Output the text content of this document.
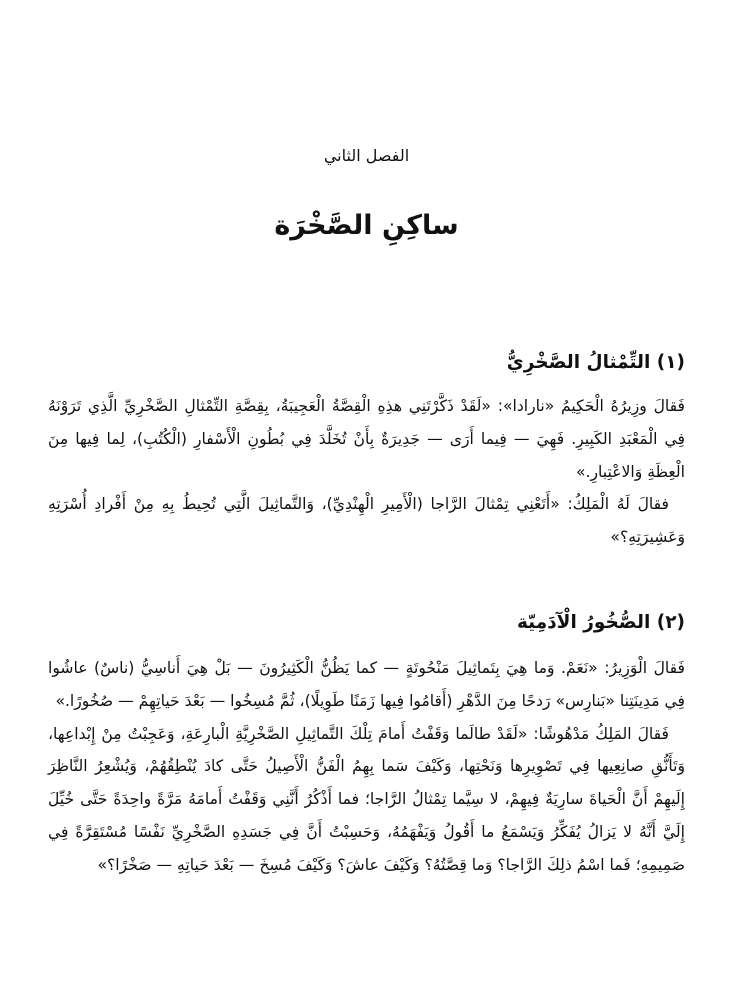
الفصل الثاني
ساكِنِ الصَّخْرَة
(١) التِّمْثالُ الصَّخْرِيُّ

فَقالَ وزِيرُهُ الْحَكِيمُ «نارادا»: «لَقَدْ ذَكَّرْتَنِي هذِهِ الْقِصَّةُ الْعَجِيبَةُ، بِقِصَّةِ التِّمْثالِ الصَّخْرِيِّ الَّذِي تَرَوْنَهُ فِي الْمَعْبَدِ الكَبِيرِ. فَهِيَ — فِيما أَرَى — جَدِيرَةٌ بِأَنْ تُخَلَّدَ فِي بُطُونِ الْأَسْفارِ (الْكُتُبِ)، لِما فِيها مِنَ الْعِظَةِ وَالاعْتِبارِ.»

فقالَ لَهُ الْمَلِكُ: «أَتَعْنِي تِمْثالَ الرَّاجا (الْأَمِيرِ الْهِنْدِيِّ)، وَالتَّماثِيلَ الَّتِي تُحِيطُ بِهِ مِنْ أَفْرادِ أُسْرَتِهِ وَعَشِيرَتِهِ؟»

(٢) الصُّخُورُ الْآدَمِيّة

فَقالَ الْوَزِيرُ: «نَعَمْ. وَما هِيَ بِتَماثِيلَ مَنْحُوتَةٍ — كما يَظُنُّ الْكَثِيرُونَ — بَلْ هِيَ أَناسِيُّ (ناسٌ) عاشُوا فِي مَدِينَتِنا «بَنارِس» رَدحًا مِنَ الدَّهْرِ (أَقامُوا فِيها زَمَنًا طَوِيلًا)، ثُمَّ مُسِخُوا — بَعْدَ حَياتِهِمْ — صُخُورًا.»

فَقالَ المَلِكُ مَدْهُوشًا: «لَقَدْ طالَما وَقَفْتُ أَمامَ تِلْكَ التَّماثِيلِ الصَّخْرِيَّةِ الْبارِعَةِ، وَعَجِبْتُ مِنْ إِبْداعِها، وَتَأَنُّقِ صانِعِيها فِي تَصْوِيرِها وَنَحْتِها، وَكَيْفَ سَما بِهِمُ الْفَنُّ الْأَصِيلُ حَتَّى كادَ يُنْطِقُهُمْ، وَيُشْعِرُ النَّاظِرَ إِلَيهِمْ أَنَّ الْحَياةَ سارِيَةٌ فِيهِمْ، لا سِيَّما تِمْثالُ الرَّاجا؛ فما أَذْكُرُ أَنَّنِي وَقَفْتُ أَمامَهُ مَرَّةً واحِدَةً حَتَّى خُيِّلَ إِلَيَّ أَنَّهُ لا يَزالُ يُفَكِّرُ وَيَسْمَعُ ما أَقُولُ وَيَفْهَمُهُ، وَحَسِبْتُ أَنَّ فِي جَسَدِهِ الصَّخْرِيِّ نَفْسًا مُسْتَقِرَّةً فِي صَمِيمِهِ؛ فَما اسْمُ ذلِكَ الرَّاجا؟ وَما قِصَّتُهُ؟ وَكَيْفَ عاشَ؟ وَكَيْفَ مُسِخَ — بَعْدَ حَياتِهِ — صَخْرًا؟»
